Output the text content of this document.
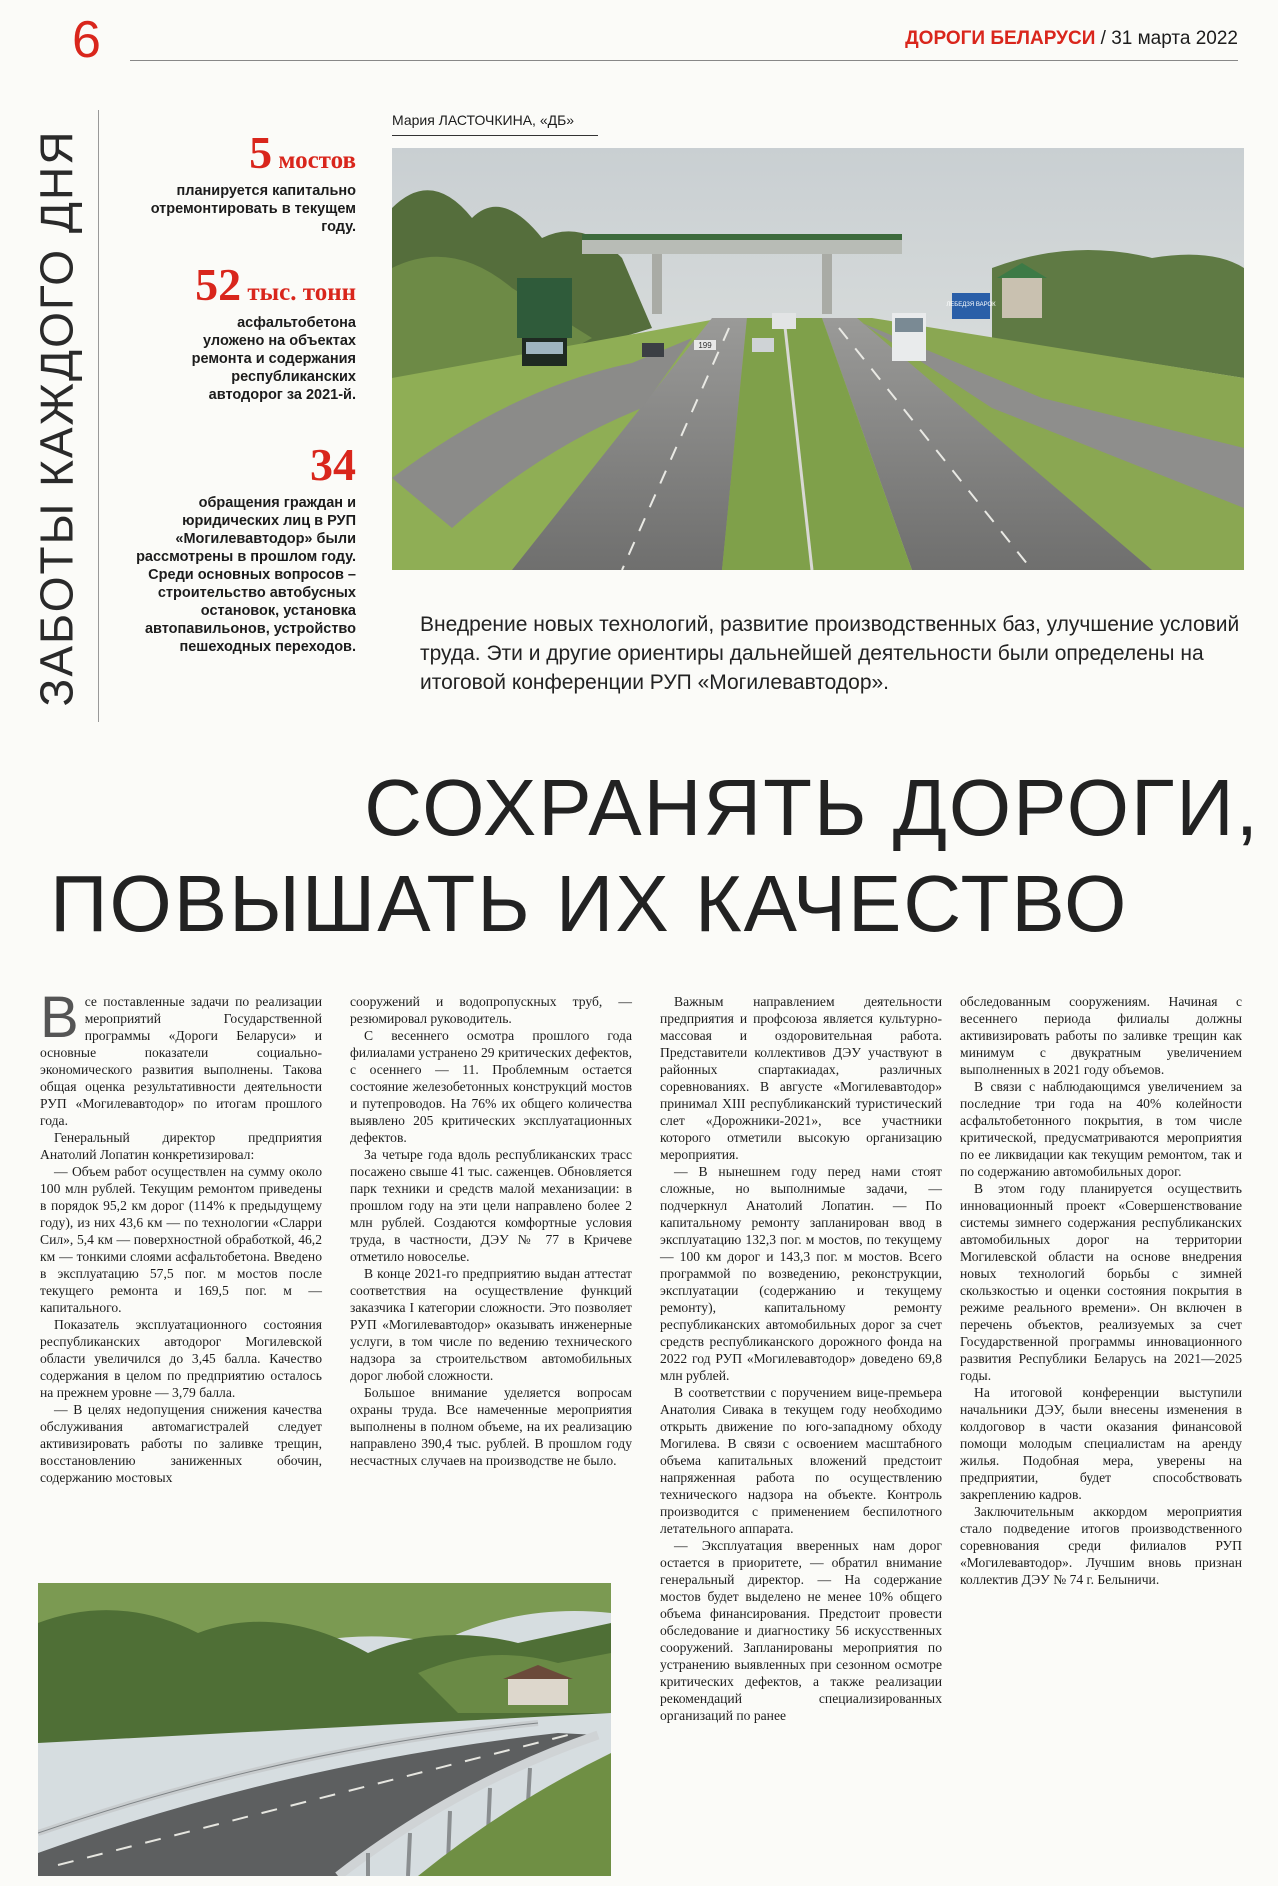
6	ДОРОГИ БЕЛАРУСИ / 31 марта 2022
ЗАБОТЫ КАЖДОГО ДНЯ	5 мостов
планируется капитально отремонтировать в текущем году.
52 тыс. тонн
асфальтобетона уложено на объектах ремонта и содержания республиканских автодорог за 2021-й.
34
обращения граждан и юридических лиц в РУП «Могилевавтодор» были рассмотрены в прошлом году. Среди основных вопросов – строительство автобусных остановок, установка автопавильонов, устройство пешеходных переходов.
Мария ЛАСТОЧКИНА, «ДБ»
199
ЛЕБЕДЗЯ ВАРОК
Внедрение новых технологий, развитие производственных баз, улучшение условий труда. Эти и другие ориентиры дальнейшей деятельности были определены на итоговой конференции РУП «Могилевавтодор».
СОХРАНЯТЬ ДОРОГИ,
ПОВЫШАТЬ ИХ КАЧЕСТВО

Все поставленные задачи по реализации мероприятий Государственной программы «Дороги Беларуси» и основные показатели социально-экономического развития выполнены. Такова общая оценка результативности деятельности РУП «Могилевавтодор» по итогам прошлого года.

Генеральный директор предприятия Анатолий Лопатин конкретизировал:

— Объем работ осуществлен на сумму около 100 млн рублей. Текущим ремонтом приведены в порядок 95,2 км дорог (114% к предыдущему году), из них 43,6 км — по технологии «Сларри Сил», 5,4 км — поверхностной обработкой, 46,2 км — тонкими слоями асфальтобетона. Введено в эксплуатацию 57,5 пог. м мостов после текущего ремонта и 169,5 пог. м — капитального.

Показатель эксплуатационного состояния республиканских автодорог Могилевской области увеличился до 3,45 балла. Качество содержания в целом по предприятию осталось на прежнем уровне — 3,79 балла.

— В целях недопущения снижения качества обслуживания автомагистралей следует активизировать работы по заливке трещин, восстановлению заниженных обочин, содержанию мостовых

сооружений и водопропускных труб, — резюмировал руководитель.

С весеннего осмотра прошлого года филиалами устранено 29 критических дефектов, с осеннего — 11. Проблемным остается состояние железобетонных конструкций мостов и путепроводов. На 76% их общего количества выявлено 205 критических эксплуатационных дефектов.

За четыре года вдоль республиканских трасс посажено свыше 41 тыс. саженцев. Обновляется парк техники и средств малой механизации: в прошлом году на эти цели направлено более 2 млн рублей. Создаются комфортные условия труда, в частности, ДЭУ № 77 в Кричеве отметило новоселье.

В конце 2021-го предприятию выдан аттестат соответствия на осуществление функций заказчика I категории сложности. Это позволяет РУП «Могилевавтодор» оказывать инженерные услуги, в том числе по ведению технического надзора за строительством автомобильных дорог любой сложности.

Большое внимание уделяется вопросам охраны труда. Все намеченные мероприятия выполнены в полном объеме, на их реализацию направлено 390,4 тыс. рублей. В прошлом году несчастных случаев на производстве не было.

Важным направлением деятельности предприятия и профсоюза является культурно-массовая и оздоровительная работа. Представители коллективов ДЭУ участвуют в районных спартакиадах, различных соревнованиях. В августе «Могилевавтодор» принимал XIII республиканский туристический слет «Дорожники-2021», все участники которого отметили высокую организацию мероприятия.

— В нынешнем году перед нами стоят сложные, но выполнимые задачи, — подчеркнул Анатолий Лопатин. — По капитальному ремонту запланирован ввод в эксплуатацию 132,3 пог. м мостов, по текущему — 100 км дорог и 143,3 пог. м мостов. Всего программой по возведению, реконструкции, эксплуатации (содержанию и текущему ремонту), капитальному ремонту республиканских автомобильных дорог за счет средств республиканского дорожного фонда на 2022 год РУП «Могилевавтодор» доведено 69,8 млн рублей.

В соответствии с поручением вице-премьера Анатолия Сивака в текущем году необходимо открыть движение по юго-западному обходу Могилева. В связи с освоением масштабного объема капитальных вложений предстоит напряженная работа по осуществлению технического надзора на объекте. Контроль производится с применением беспилотного летательного аппарата.

— Эксплуатация вверенных нам дорог остается в приоритете, — обратил внимание генеральный директор. — На содержание мостов будет выделено не менее 10% общего объема финансирования. Предстоит провести обследование и диагностику 56 искусственных сооружений. Запланированы мероприятия по устранению выявленных при сезонном осмотре критических дефектов, а также реализации рекомендаций специализированных организаций по ранее

обследованным сооружениям. Начиная с весеннего периода филиалы должны активизировать работы по заливке трещин как минимум с двукратным увеличением выполненных в 2021 году объемов.

В связи с наблюдающимся увеличением за последние три года на 40% колейности асфальтобетонного покрытия, в том числе критической, предусматриваются мероприятия по ее ликвидации как текущим ремонтом, так и по содержанию автомобильных дорог.

В этом году планируется осуществить инновационный проект «Совершенствование системы зимнего содержания республиканских автомобильных дорог на территории Могилевской области на основе внедрения новых технологий борьбы с зимней скользкостью и оценки состояния покрытия в режиме реального времени». Он включен в перечень объектов, реализуемых за счет Государственной программы инновационного развития Республики Беларусь на 2021—2025 годы.

На итоговой конференции выступили начальники ДЭУ, были внесены изменения в колдоговор в части оказания финансовой помощи молодым специалистам на аренду жилья. Подобная мера, уверены на предприятии, будет способствовать закреплению кадров.

Заключительным аккордом мероприятия стало подведение итогов производственного соревнования среди филиалов РУП «Могилевавтодор». Лучшим вновь признан коллектив ДЭУ № 74 г. Белыничи.
